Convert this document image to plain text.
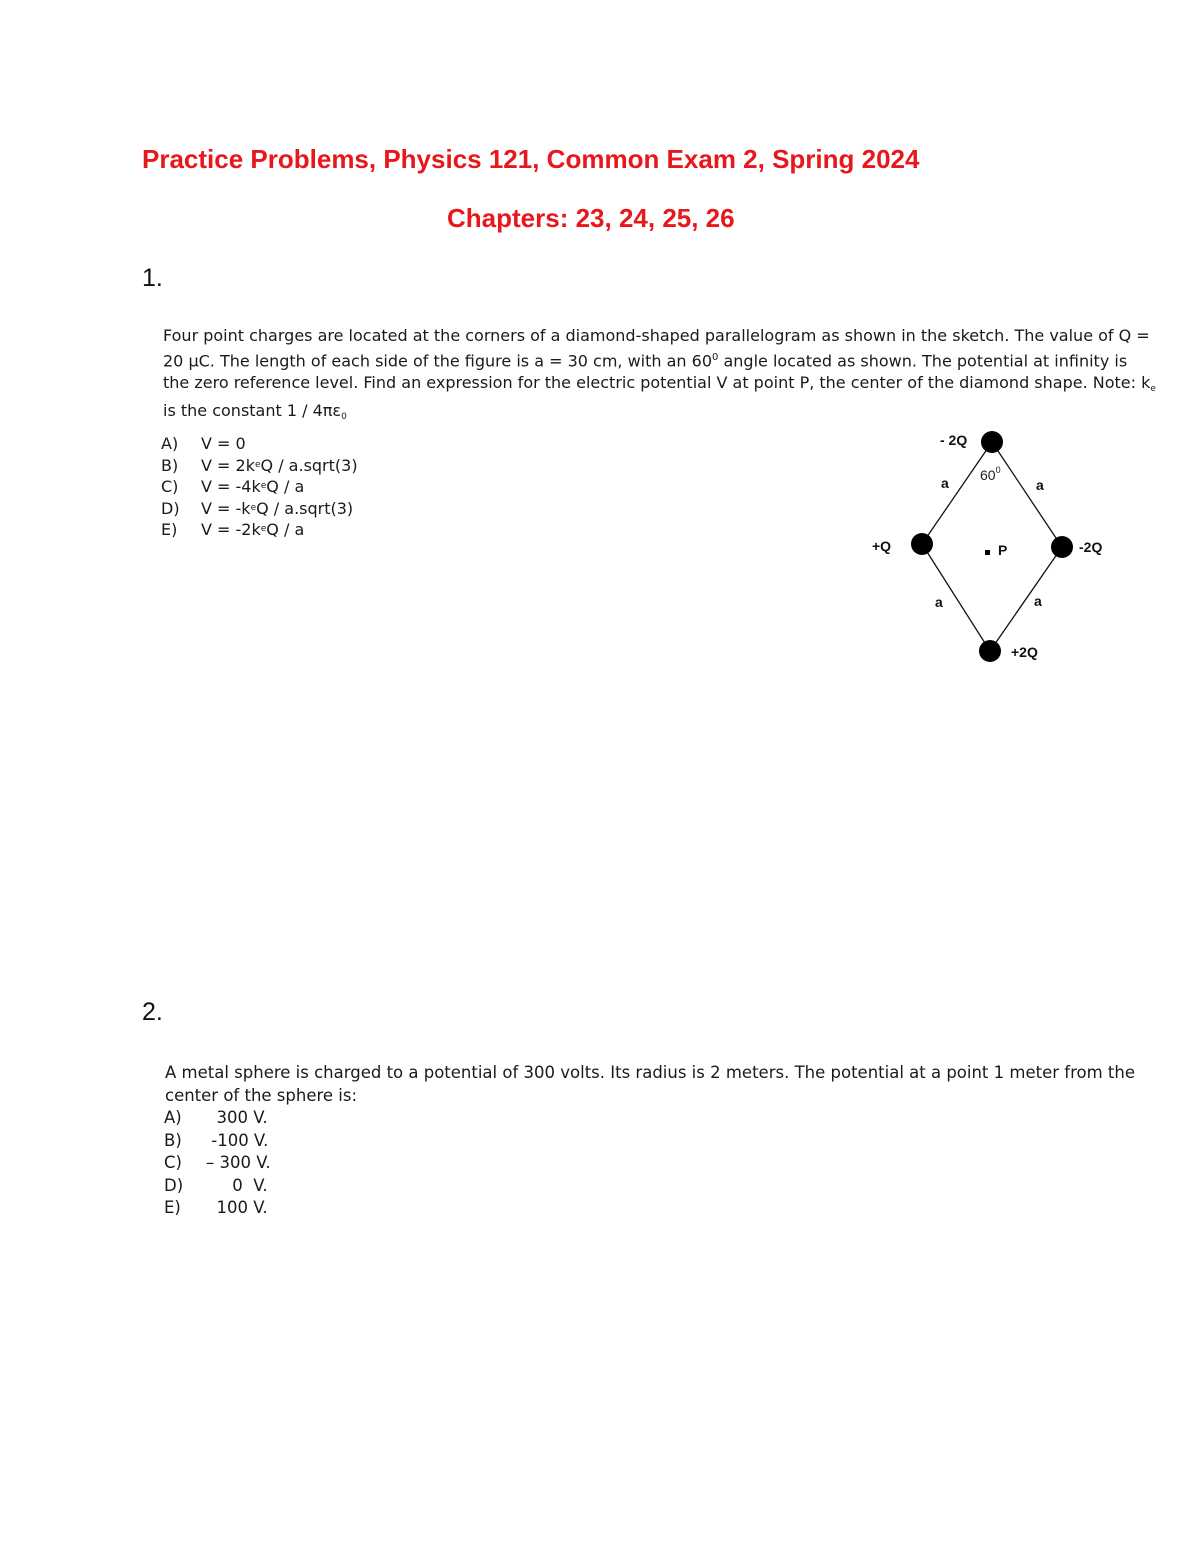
Practice Problems, Physics 121, Common Exam 2, Spring 2024
Chapters: 23, 24, 25, 26
1.

Four point charges are located at the corners of a diamond-shaped parallelogram as shown in the sketch. The value of Q =

20 µC. The length of each side of the figure is a = 30 cm, with an $60^0$ angle located as shown. The potential at infinity is

the zero reference level. Find an expression for the electric potential V at point P, the center of the diamond shape. Note: $k_e$

is the constant $1 / 4\pi\varepsilon_0$

A)	V = 0
B)	V = 2k e Q / a.sqrt(3)
C)	V = -4k e Q / a
D)	V = -k e Q / a.sqrt(3)
E)	V = -2k e Q / a
- 2Q
+Q	-2Q
+2Q
P
a	a
a	a
$60^0$
2.

A metal sphere is charged to a potential of 300 volts. Its radius is 2 meters. The potential at a point 1 meter from the

center of the sphere is:

A)	300 V.
B)	-100 V.
C)	– 300 V.
D)	0  V.
E)	100 V.
